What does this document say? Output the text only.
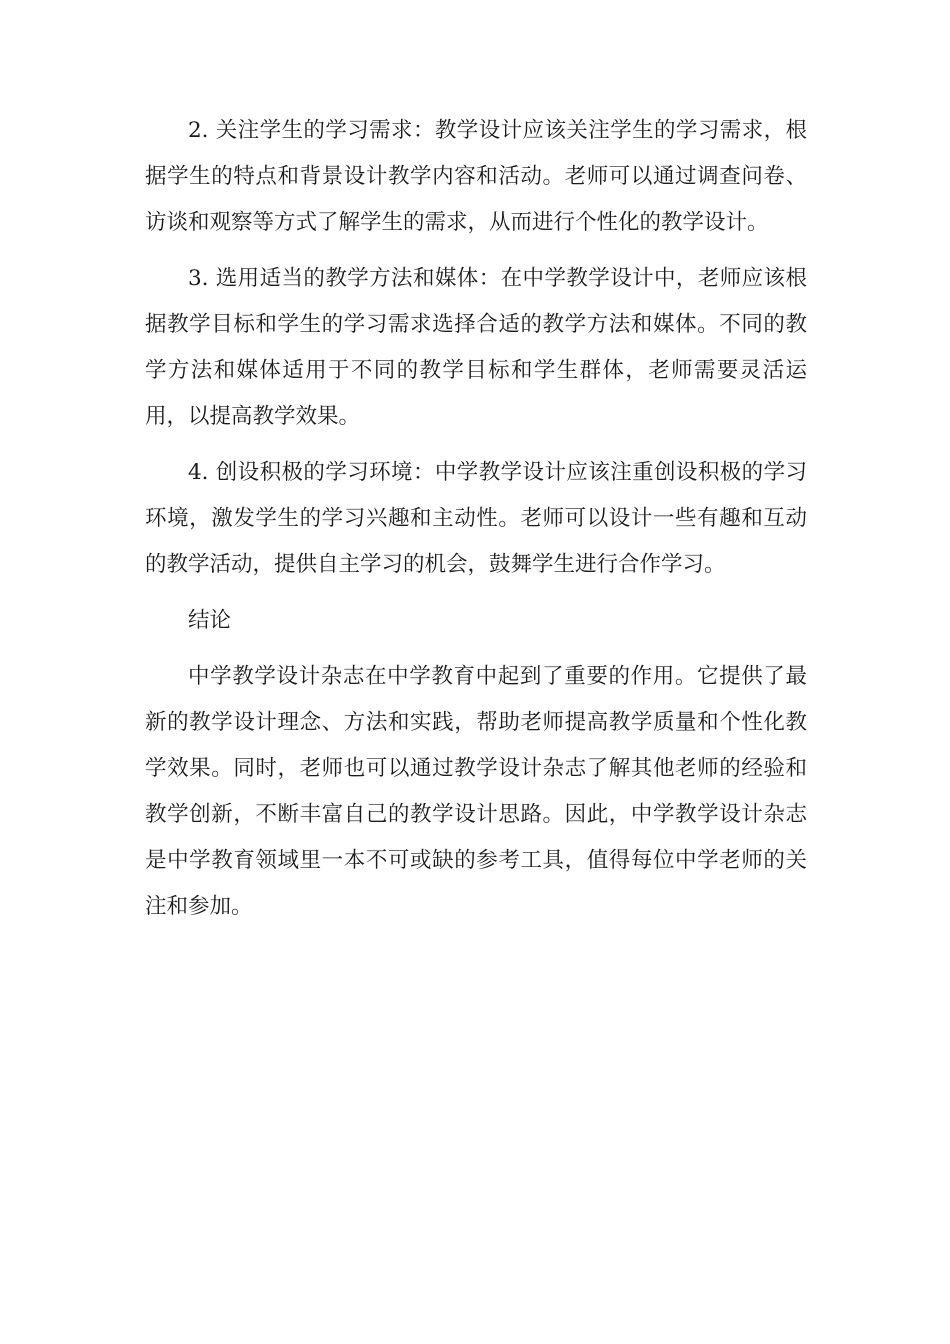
2. 关注学生的学习需求：教学设计应该关注学生的学习需求，根据学生的特点和背景设计教学内容和活动。老师可以通过调查问卷、访谈和观察等方式了解学生的需求，从而进行个性化的教学设计。

3. 选用适当的教学方法和媒体：在中学教学设计中，老师应该根据教学目标和学生的学习需求选择合适的教学方法和媒体。不同的教学方法和媒体适用于不同的教学目标和学生群体，老师需要灵活运用，以提高教学效果。

4. 创设积极的学习环境：中学教学设计应该注重创设积极的学习环境，激发学生的学习兴趣和主动性。老师可以设计一些有趣和互动的教学活动，提供自主学习的机会，鼓舞学生进行合作学习。

结论

中学教学设计杂志在中学教育中起到了重要的作用。它提供了最新的教学设计理念、方法和实践，帮助老师提高教学质量和个性化教学效果。同时，老师也可以通过教学设计杂志了解其他老师的经验和教学创新，不断丰富自己的教学设计思路。因此，中学教学设计杂志是中学教育领域里一本不可或缺的参考工具，值得每位中学老师的关注和参加。
